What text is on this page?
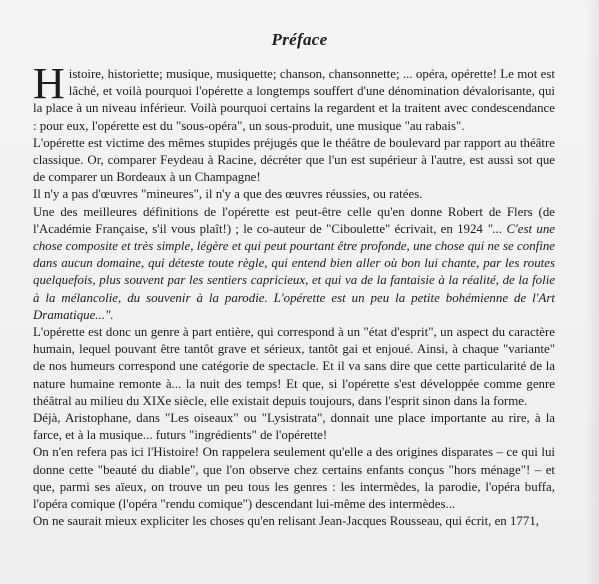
Préface

Histoire, historiette; musique, musiquette; chanson, chansonnette; ... opéra, opérette! Le mot est lâché, et voilà pourquoi l'opérette a longtemps souffert d'une dénomination dévalorisante, qui la place à un niveau inférieur. Voilà pourquoi certains la regardent et la traitent avec condescendance : pour eux, l'opérette est du "sous-opéra", un sous-produit, une musique "au rabais".

L'opérette est victime des mêmes stupides préjugés que le théâtre de boulevard par rapport au théâtre classique. Or, comparer Feydeau à Racine, décréter que l'un est supérieur à l'autre, est aussi sot que de comparer un Bordeaux à un Champagne!

Il n'y a pas d'œuvres "mineures", il n'y a que des œuvres réussies, ou ratées.

Une des meilleures définitions de l'opérette est peut-être celle qu'en donne Robert de Flers (de l'Académie Française, s'il vous plaît!) ; le co-auteur de "Ciboulette" écrivait, en 1924 "... C'est une chose composite et très simple, légère et qui peut pourtant être profonde, une chose qui ne se confine dans aucun domaine, qui déteste toute règle, qui entend bien aller où bon lui chante, par les routes quelquefois, plus souvent par les sentiers capricieux, et qui va de la fantaisie à la réalité, de la folie à la mélancolie, du souvenir à la parodie. L'opérette est un peu la petite bohémienne de l'Art Dramatique...".

L'opérette est donc un genre à part entière, qui correspond à un "état d'esprit", un aspect du caractère humain, lequel pouvant être tantôt grave et sérieux, tantôt gai et enjoué. Ainsi, à chaque "variante" de nos humeurs correspond une catégorie de spectacle. Et il va sans dire que cette particularité de la nature humaine remonte à... la nuit des temps! Et que, si l'opérette s'est développée comme genre théâtral au milieu du XIXe siècle, elle existait depuis toujours, dans l'esprit sinon dans la forme.

Déjà, Aristophane, dans "Les oiseaux" ou "Lysistrata", donnait une place importante au rire, à la farce, et à la musique... futurs "ingrédients" de l'opérette!

On n'en refera pas ici l'Histoire! On rappelera seulement qu'elle a des origines disparates – ce qui lui donne cette "beauté du diable", que l'on observe chez certains enfants conçus "hors ménage"! – et que, parmi ses aïeux, on trouve un peu tous les genres : les intermèdes, la parodie, l'opéra buffa, l'opéra comique (l'opéra "rendu comique") descendant lui-même des intermèdes...

On ne saurait mieux expliciter les choses qu'en relisant Jean-Jacques Rousseau, qui écrit, en 1771,
